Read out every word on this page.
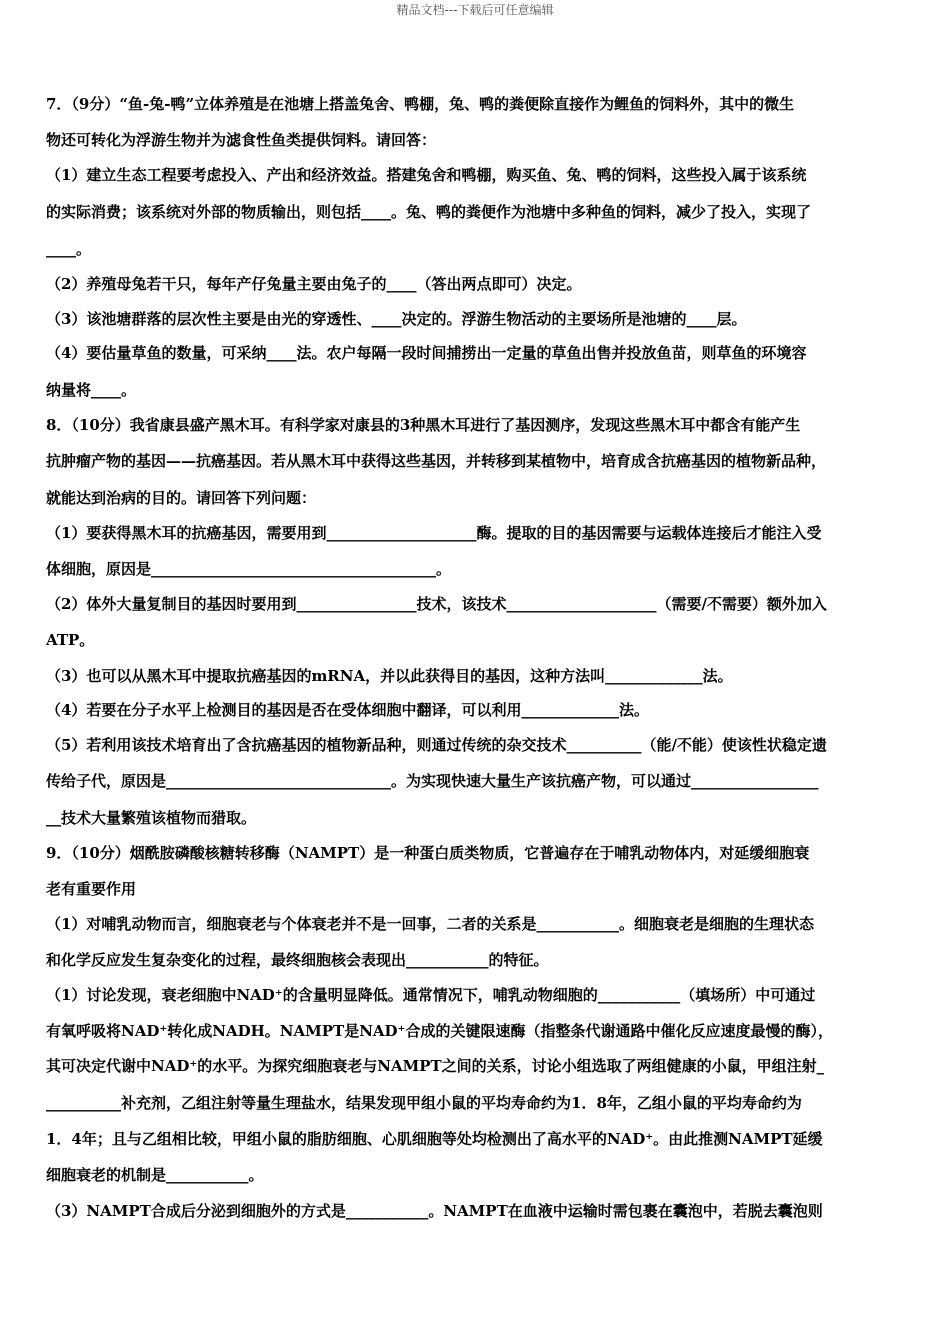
精品文档---下载后可任意编辑
7．（9分）“鱼-兔-鸭”立体养殖是在池塘上搭盖兔舍、鸭棚，兔、鸭的粪便除直接作为鲤鱼的饲料外，其中的微生
物还可转化为浮游生物并为滤食性鱼类提供饲料。请回答：
（1）建立生态工程要考虑投入、产出和经济效益。搭建兔舍和鸭棚，购买鱼、兔、鸭的饲料，这些投入属于该系统
的实际消费；该系统对外部的物质输出，则包括____。兔、鸭的粪便作为池塘中多种鱼的饲料，减少了投入，实现了
____。
（2）养殖母兔若干只，每年产仔兔量主要由兔子的____（答出两点即可）决定。
（3）该池塘群落的层次性主要是由光的穿透性、____决定的。浮游生物活动的主要场所是池塘的____层。
（4）要估量草鱼的数量，可采纳____法。农户每隔一段时间捕捞出一定量的草鱼出售并投放鱼苗，则草鱼的环境容
纳量将____。
8．（10分）我省康县盛产黑木耳。有科学家对康县的3种黑木耳进行了基因测序，发现这些黑木耳中都含有能产生
抗肿瘤产物的基因——抗癌基因。若从黑木耳中获得这些基因，并转移到某植物中，培育成含抗癌基因的植物新品种，
就能达到治病的目的。请回答下列问题：
（1）要获得黑木耳的抗癌基因，需要用到____________________酶。提取的目的基因需要与运载体连接后才能注入受
体细胞，原因是______________________________________。
（2）体外大量复制目的基因时要用到________________技术，该技术____________________（需要/不需要）额外加入
ATP。
（3）也可以从黑木耳中提取抗癌基因的mRNA，并以此获得目的基因，这种方法叫_____________法。
（4）若要在分子水平上检测目的基因是否在受体细胞中翻译，可以利用_____________法。
（5）若利用该技术培育出了含抗癌基因的植物新品种，则通过传统的杂交技术__________（能/不能）使该性状稳定遗
传给子代，原因是______________________________。为实现快速大量生产该抗癌产物，可以通过_________________
__技术大量繁殖该植物而猎取。
9．（10分）烟酰胺磷酸核糖转移酶（NAMPT）是一种蛋白质类物质，它普遍存在于哺乳动物体内，对延缓细胞衰
老有重要作用
（1）对哺乳动物而言，细胞衰老与个体衰老并不是一回事，二者的关系是___________。细胞衰老是细胞的生理状态
和化学反应发生复杂变化的过程，最终细胞核会表现出___________的特征。
（1）讨论发现，衰老细胞中NAD⁺的含量明显降低。通常情况下，哺乳动物细胞的___________（填场所）中可通过
有氧呼吸将NAD⁺转化成NADH。NAMPT是NAD⁺合成的关键限速酶（指整条代谢通路中催化反应速度最慢的酶），
其可决定代谢中NAD⁺的水平。为探究细胞衰老与NAMPT之间的关系，讨论小组选取了两组健康的小鼠，甲组注射_
__________补充剂，乙组注射等量生理盐水，结果发现甲组小鼠的平均寿命约为1．8年，乙组小鼠的平均寿命约为
1．4年；且与乙组相比较，甲组小鼠的脂肪细胞、心肌细胞等处均检测出了高水平的NAD⁺。由此推测NAMPT延缓
细胞衰老的机制是___________。
（3）NAMPT合成后分泌到细胞外的方式是___________。NAMPT在血液中运输时需包裹在囊泡中，若脱去囊泡则
